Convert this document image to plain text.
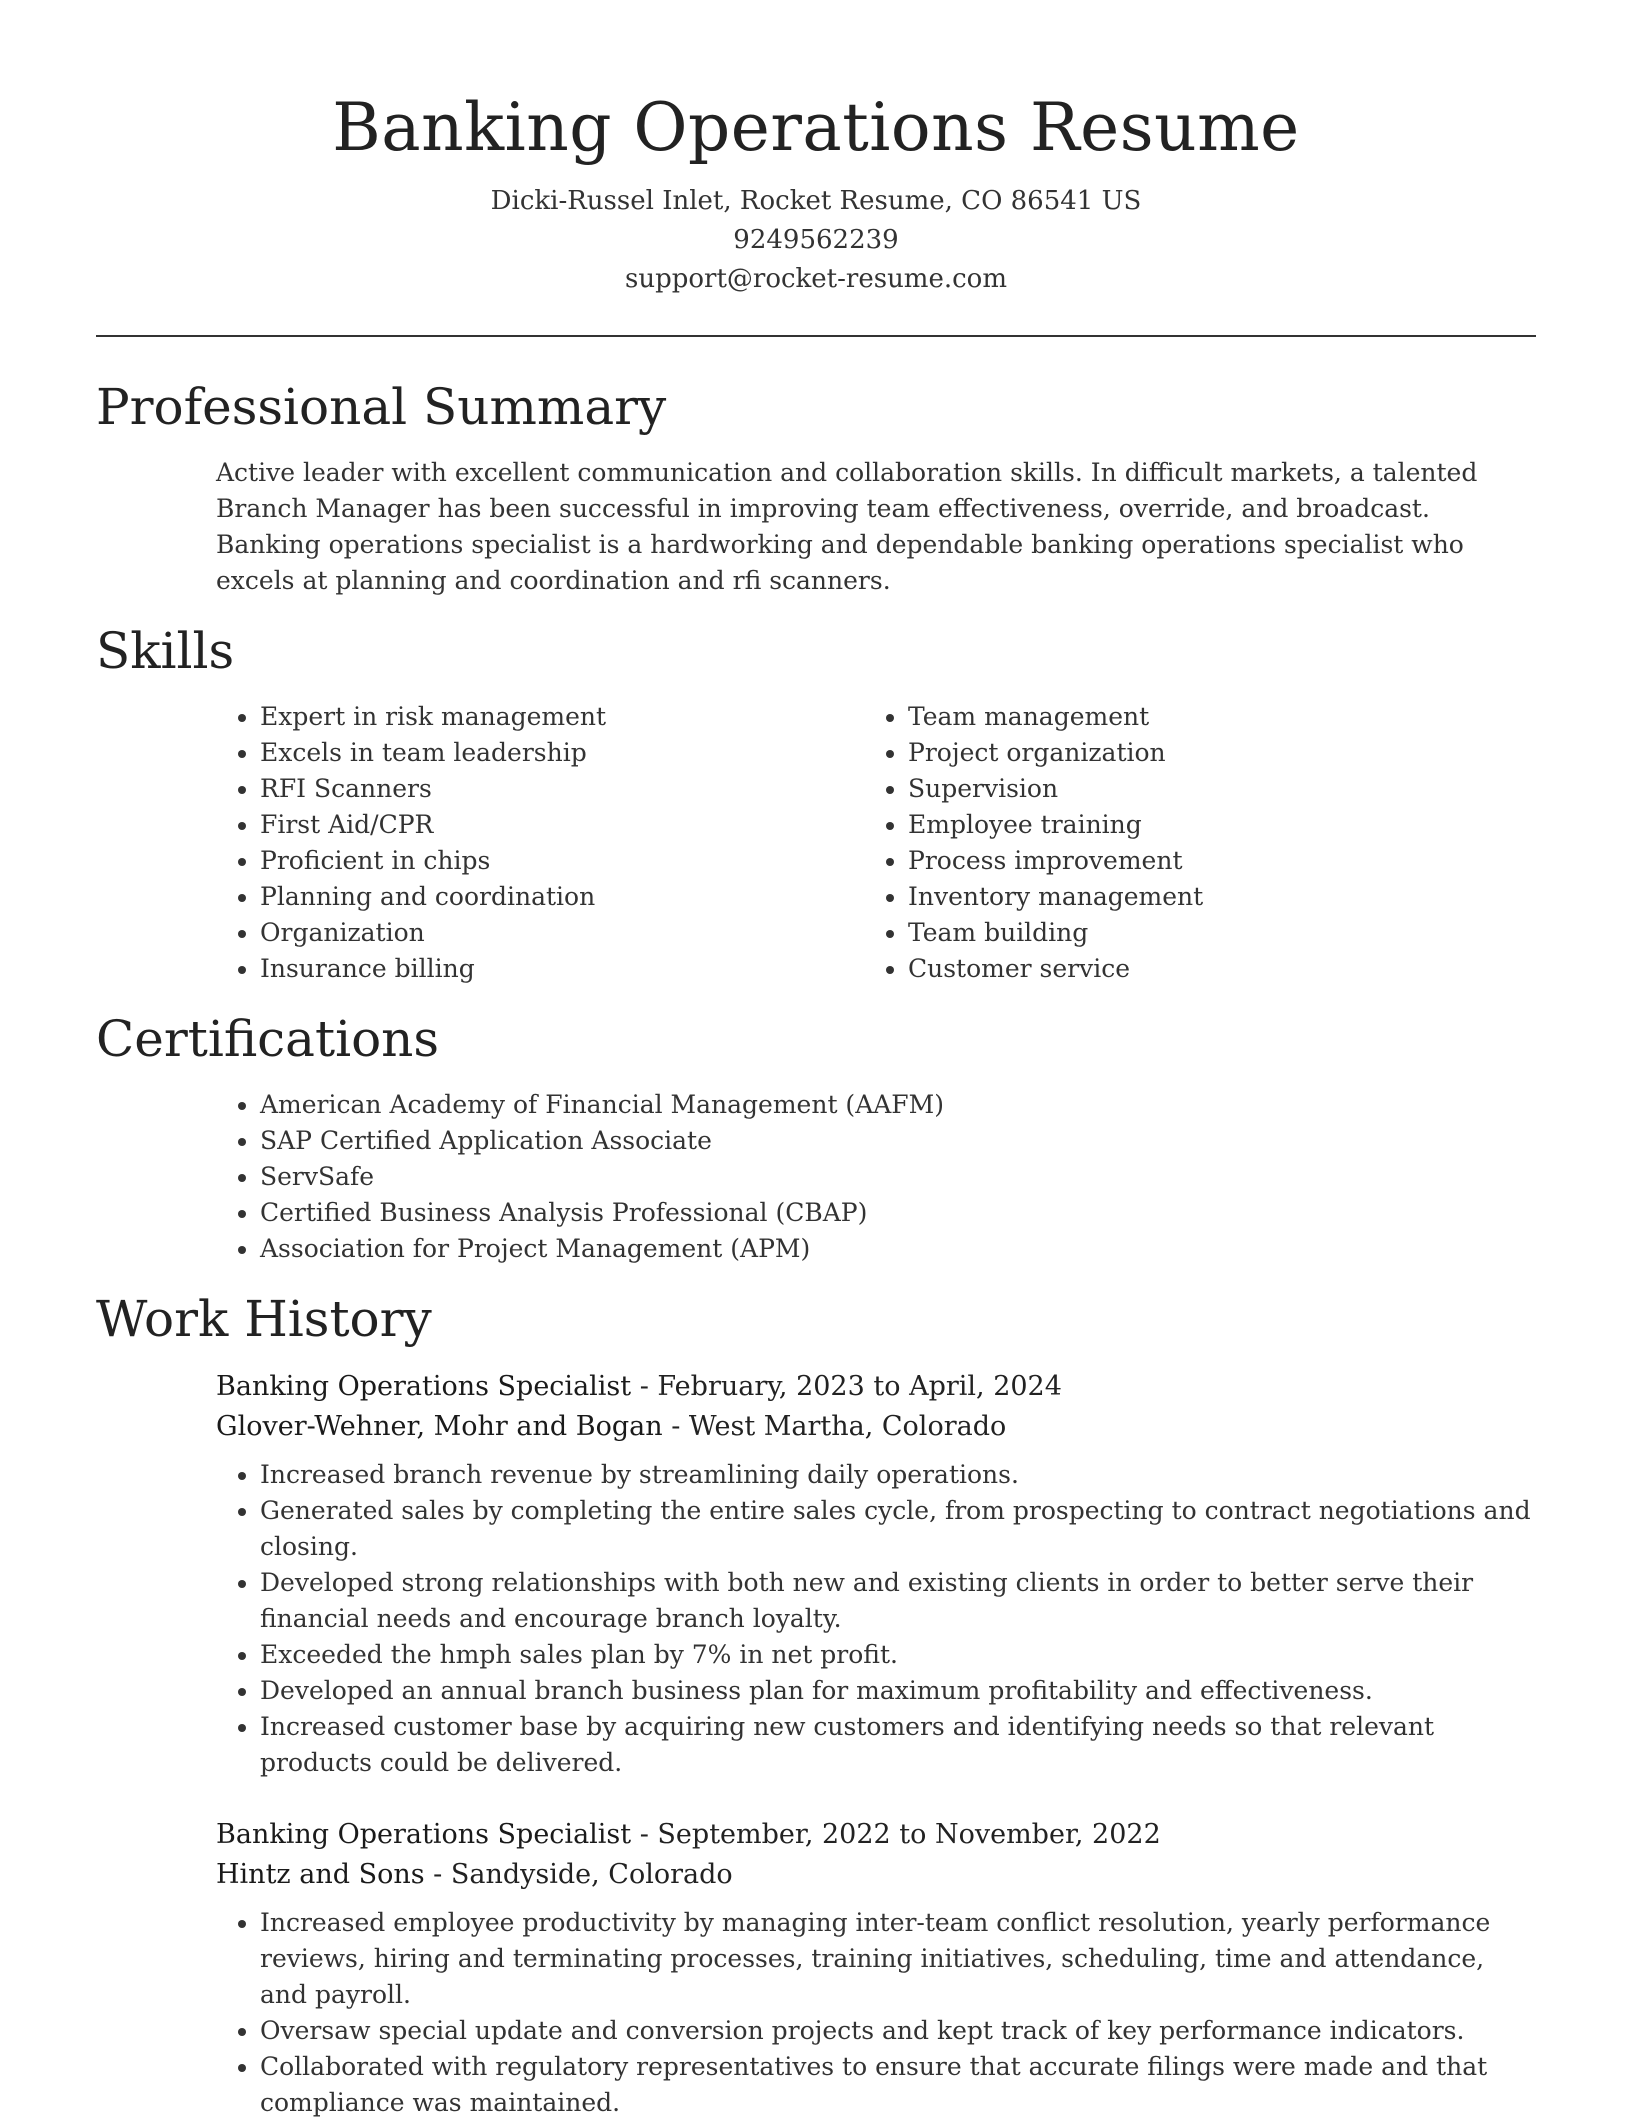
Banking Operations Resume
Dicki-Russel Inlet, Rocket Resume, CO 86541 US
9249562239
support@rocket-resume.com
Professional Summary
Active leader with excellent communication and collaboration skills. In difficult markets, a talented Branch Manager has been successful in improving team effectiveness, override, and broadcast. Banking operations specialist is a hardworking and dependable banking operations specialist who excels at planning and coordination and rfi scanners.
Skills
• Expert in risk management
• Excels in team leadership
• RFI Scanners
• First Aid/CPR
• Proficient in chips
• Planning and coordination
• Organization
• Insurance billing
• Team management
• Project organization
• Supervision
• Employee training
• Process improvement
• Inventory management
• Team building
• Customer service
Certifications
• American Academy of Financial Management (AAFM)
• SAP Certified Application Associate
• ServSafe
• Certified Business Analysis Professional (CBAP)
• Association for Project Management (APM)
Work History
Banking Operations Specialist - February, 2023 to April, 2024
Glover-Wehner, Mohr and Bogan - West Martha, Colorado
• Increased branch revenue by streamlining daily operations.
• Generated sales by completing the entire sales cycle, from prospecting to contract negotiations and closing.
• Developed strong relationships with both new and existing clients in order to better serve their financial needs and encourage branch loyalty.
• Exceeded the hmph sales plan by 7% in net profit.
• Developed an annual branch business plan for maximum profitability and effectiveness.
• Increased customer base by acquiring new customers and identifying needs so that relevant products could be delivered.
Banking Operations Specialist - September, 2022 to November, 2022
Hintz and Sons - Sandyside, Colorado
• Increased employee productivity by managing inter-team conflict resolution, yearly performance reviews, hiring and terminating processes, training initiatives, scheduling, time and attendance, and payroll.
• Oversaw special update and conversion projects and kept track of key performance indicators.
• Collaborated with regulatory representatives to ensure that accurate filings were made and that compliance was maintained.
